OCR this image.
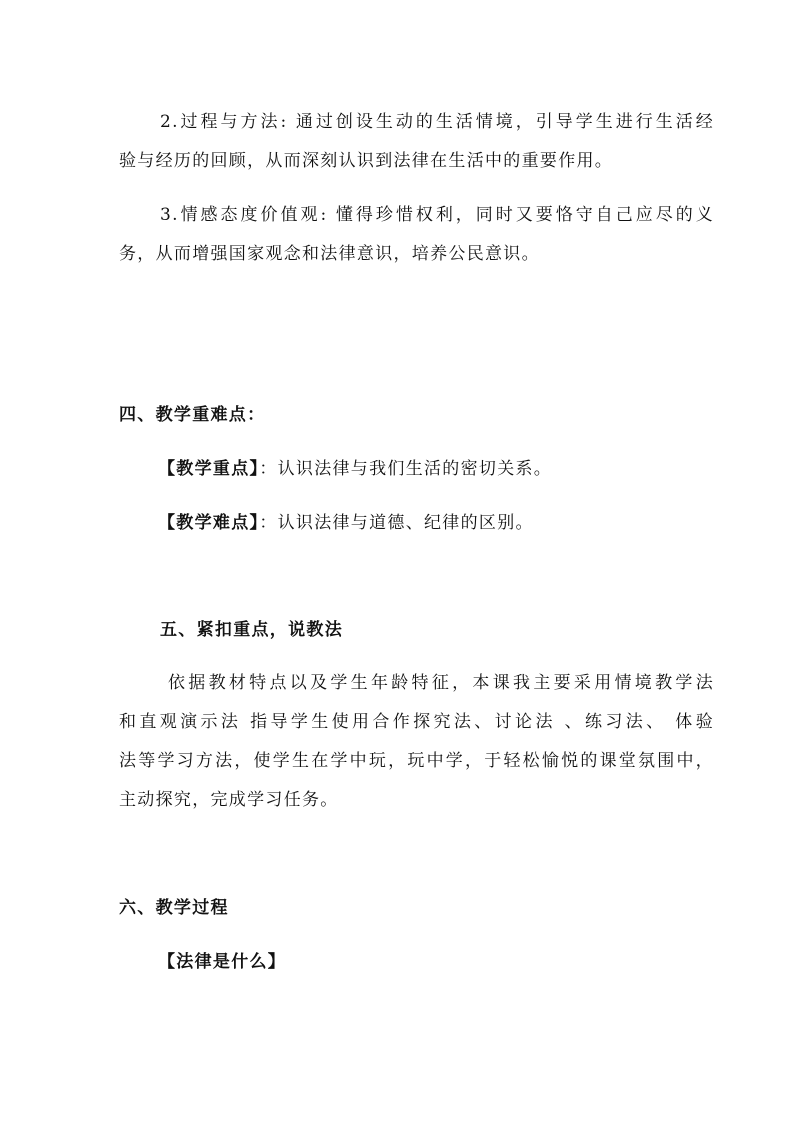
2.过程与方法: 通过创设生动的生活情境，引导学生进行生活经
验与经历的回顾，从而深刻认识到法律在生活中的重要作用。
3.情感态度价值观: 懂得珍惜权利，同时又要恪守自己应尽的义
务，从而增强国家观念和法律意识，培养公民意识。
四、教学重难点：
【教学重点】：认识法律与我们生活的密切关系。
【教学难点】：认识法律与道德、纪律的区别。
五、紧扣重点，说教法
依据教材特点以及学生年龄特征，本课我主要采用情境教学法
和直观演示法 指导学生使用合作探究法、讨论法 、练习法、 体验
法等学习方法，使学生在学中玩，玩中学，于轻松愉悦的课堂氛围中，
主动探究，完成学习任务。
六、教学过程
【法律是什么】
